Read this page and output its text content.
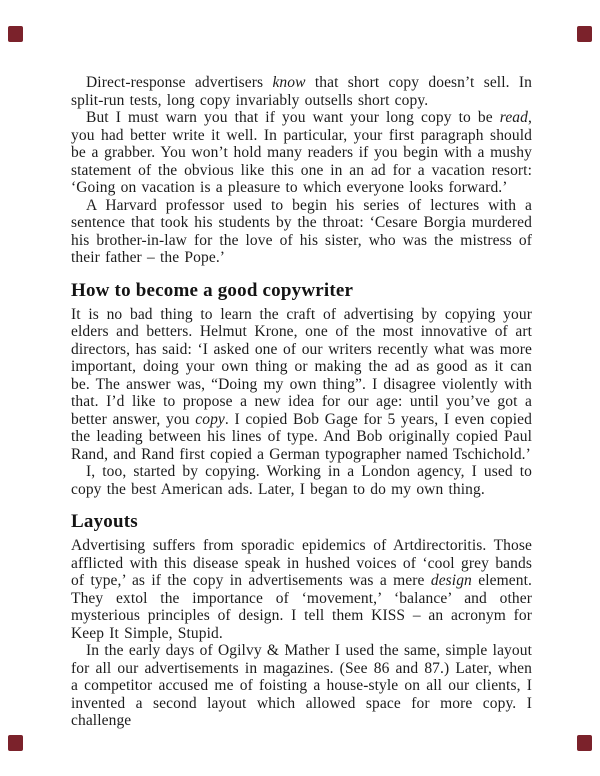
Direct-response advertisers know that short copy doesn’t sell. In split-run tests, long copy invariably outsells short copy.

But I must warn you that if you want your long copy to be read, you had better write it well. In particular, your first paragraph should be a grabber. You won’t hold many readers if you begin with a mushy statement of the obvious like this one in an ad for a vacation resort: ‘Going on vacation is a pleasure to which everyone looks forward.’

A Harvard professor used to begin his series of lectures with a sentence that took his students by the throat: ‘Cesare Borgia murdered his brother-in-law for the love of his sister, who was the mistress of their father – the Pope.’

How to become a good copywriter

It is no bad thing to learn the craft of advertising by copying your elders and betters. Helmut Krone, one of the most innovative of art directors, has said: ‘I asked one of our writers recently what was more important, doing your own thing or making the ad as good as it can be. The answer was, “Doing my own thing”. I disagree violently with that. I’d like to propose a new idea for our age: until you’ve got a better answer, you copy. I copied Bob Gage for 5 years, I even copied the leading between his lines of type. And Bob originally copied Paul Rand, and Rand first copied a German typographer named Tschichold.’

I, too, started by copying. Working in a London agency, I used to copy the best American ads. Later, I began to do my own thing.

Layouts

Advertising suffers from sporadic epidemics of Artdirectoritis. Those afflicted with this disease speak in hushed voices of ‘cool grey bands of type,’ as if the copy in advertisements was a mere design element. They extol the importance of ‘movement,’ ‘balance’ and other mysterious principles of design. I tell them KISS – an acronym for Keep It Simple, Stupid.

In the early days of Ogilvy & Mather I used the same, simple layout for all our advertisements in magazines. (See 86 and 87.) Later, when a competitor accused me of foisting a house-style on all our clients, I invented a second layout which allowed space for more copy. I challenge
